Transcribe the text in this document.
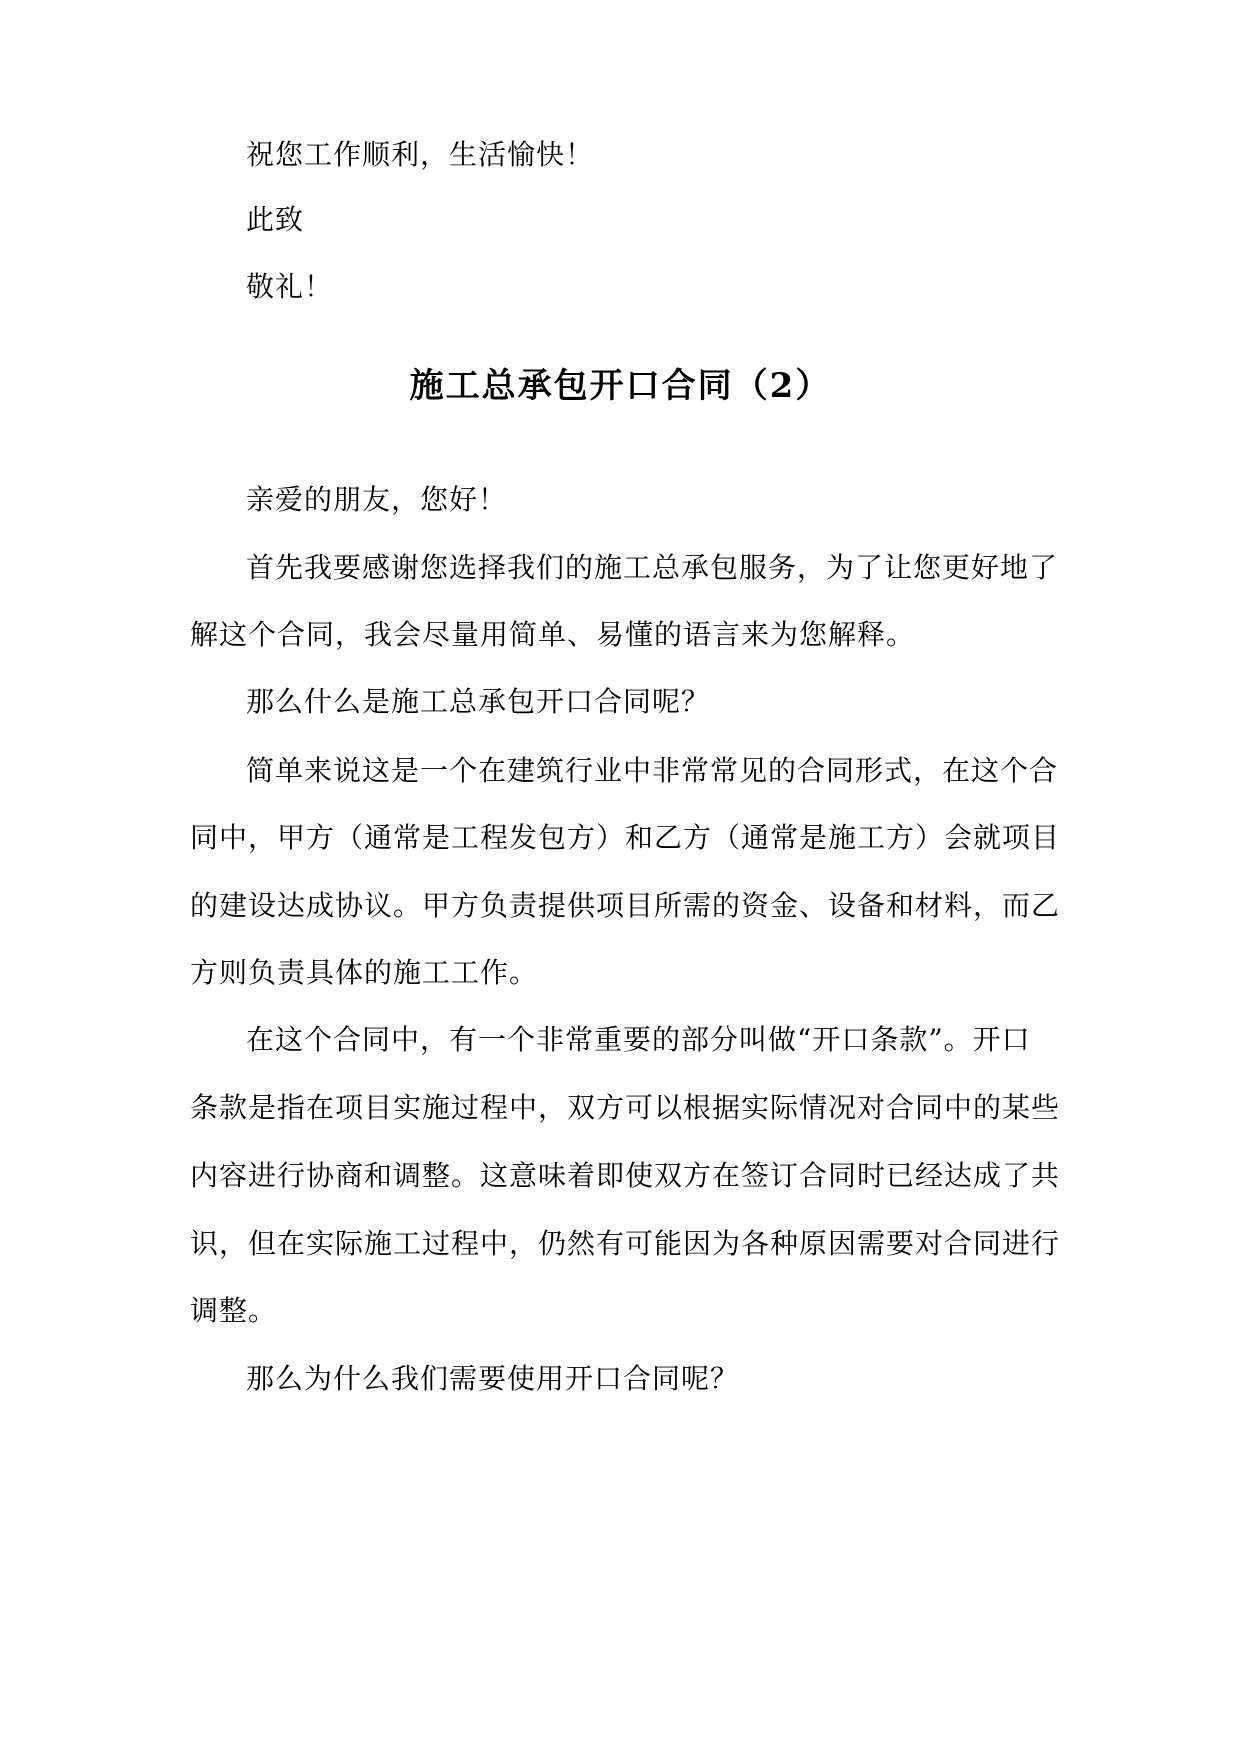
祝您工作顺利，生活愉快！
此致
敬礼！
施工总承包开口合同（2）
亲爱的朋友，您好！
首先我要感谢您选择我们的施工总承包服务，为了让您更好地了
解这个合同，我会尽量用简单、易懂的语言来为您解释。
那么什么是施工总承包开口合同呢？
简单来说这是一个在建筑行业中非常常见的合同形式，在这个合
同中，甲方（通常是工程发包方）和乙方（通常是施工方）会就项目
的建设达成协议。甲方负责提供项目所需的资金、设备和材料，而乙
方则负责具体的施工工作。
在这个合同中，有一个非常重要的部分叫做“开口条款”。开口
条款是指在项目实施过程中，双方可以根据实际情况对合同中的某些
内容进行协商和调整。这意味着即使双方在签订合同时已经达成了共
识，但在实际施工过程中，仍然有可能因为各种原因需要对合同进行
调整。
那么为什么我们需要使用开口合同呢？
